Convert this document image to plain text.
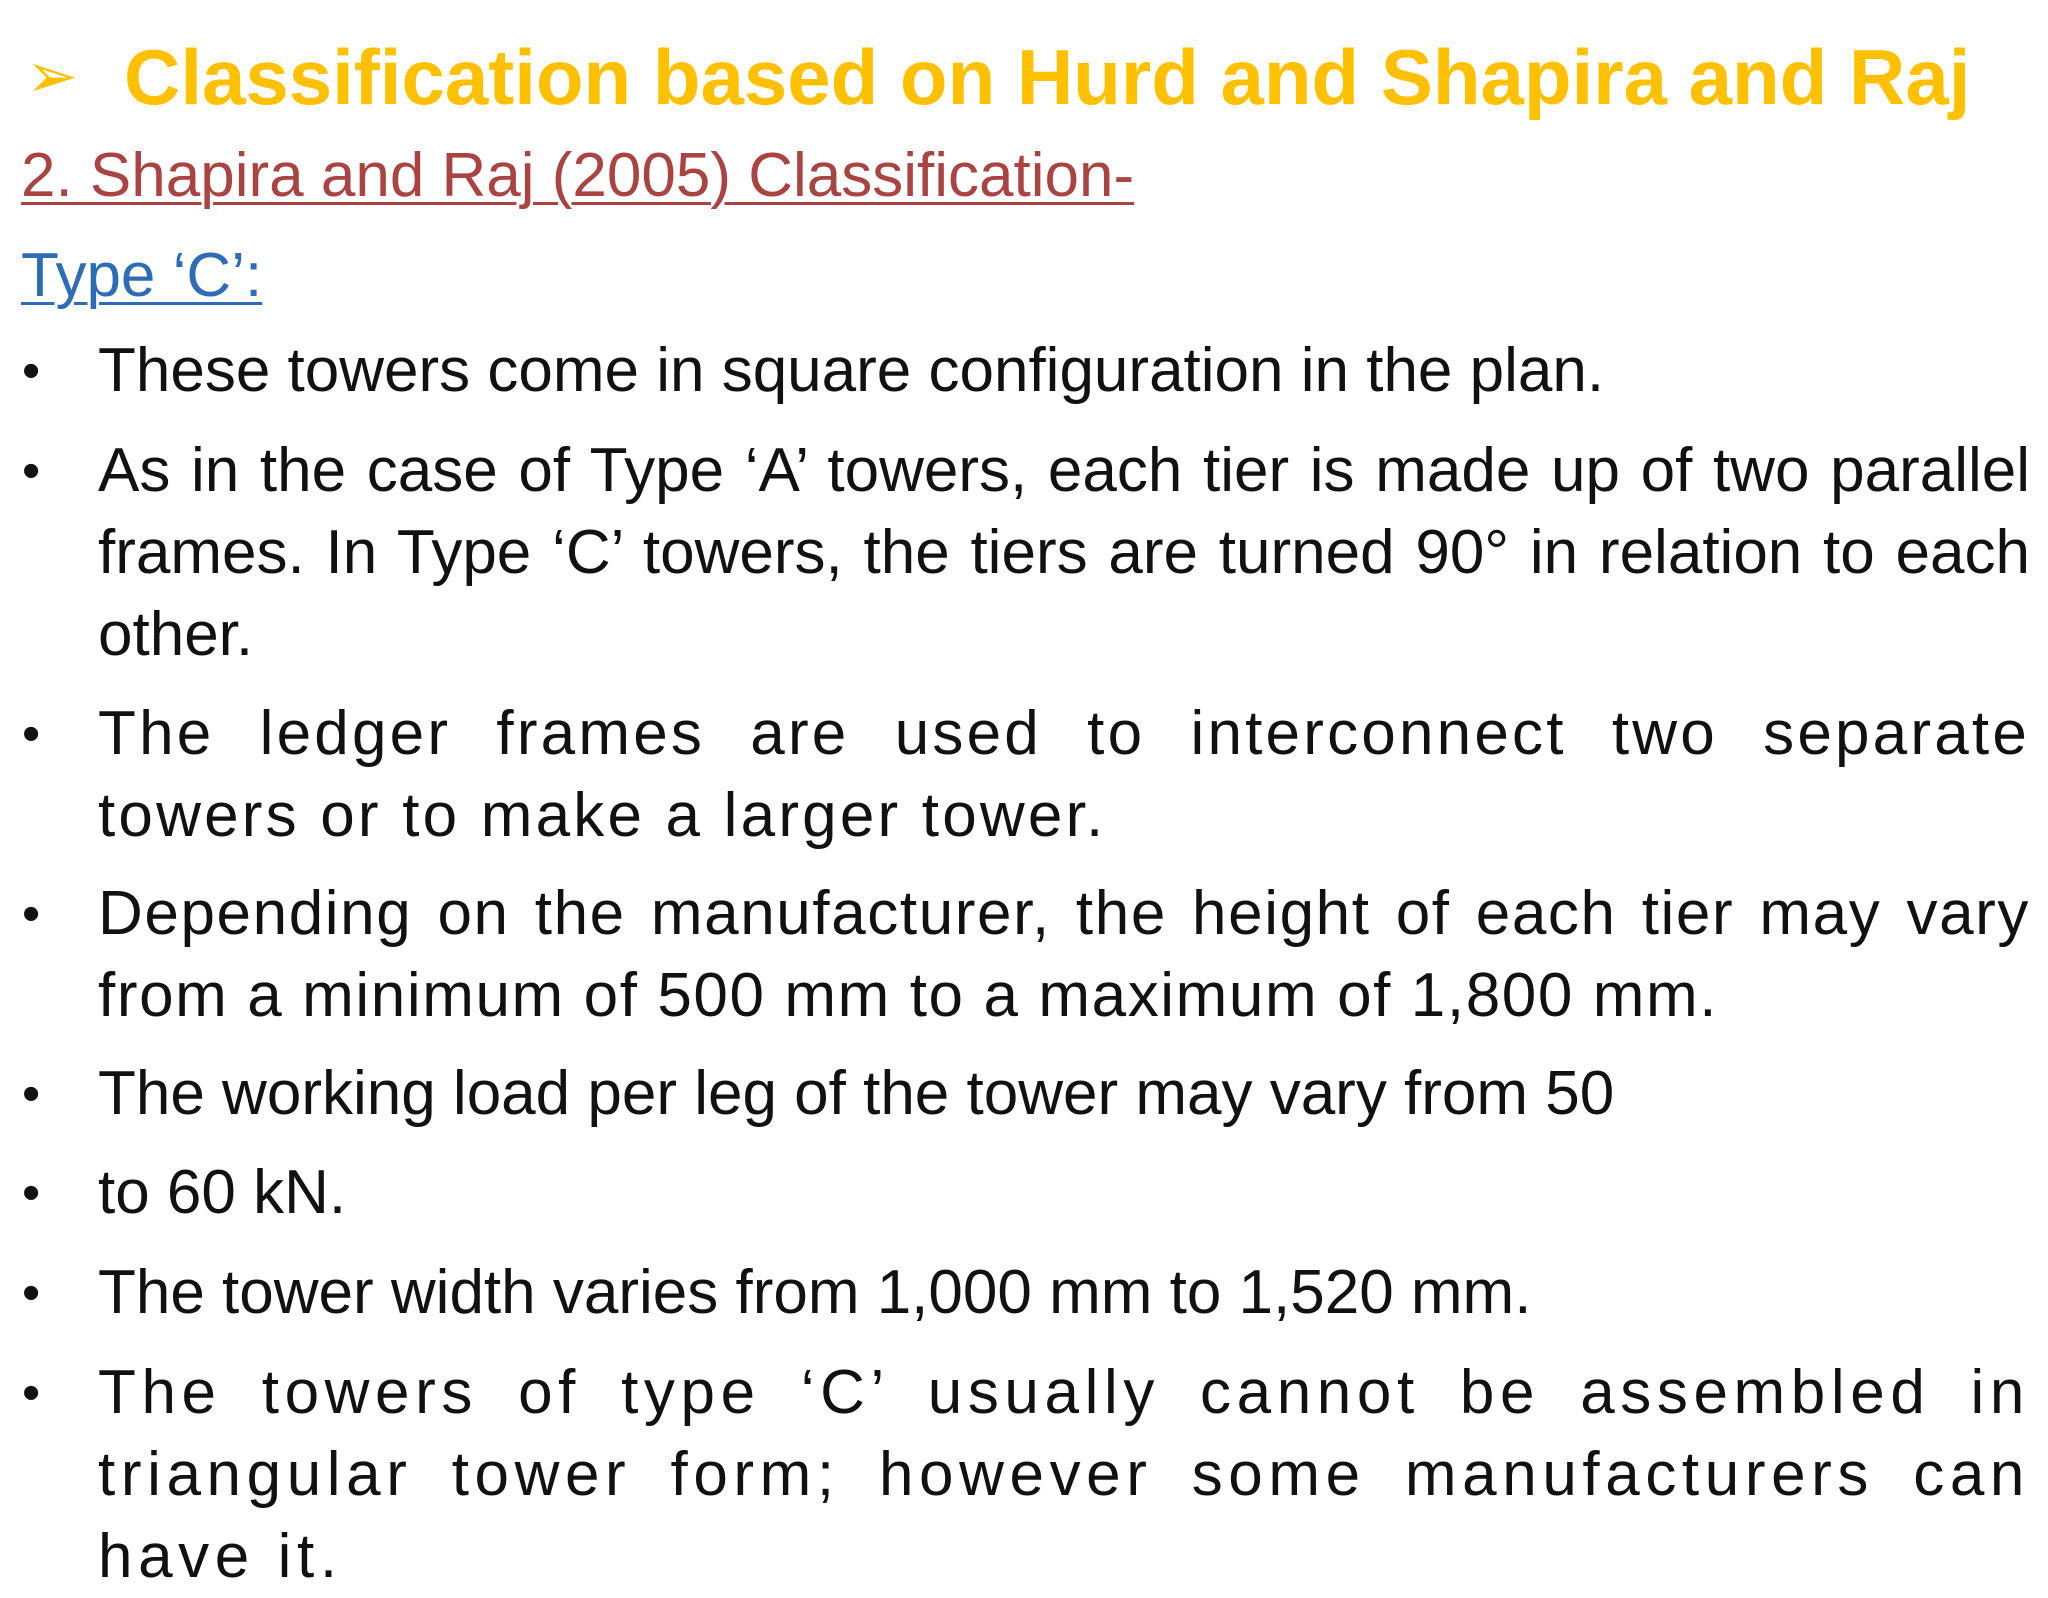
➢ Classification based on Hurd and Shapira and Raj
2. Shapira and Raj (2005) Classification-
Type ‘C’:
• These towers come in square configuration in the plan.
• As in the case of Type ‘A’ towers, each tier is made up of two parallel frames. In Type ‘C’ towers, the tiers are turned 90° in relation to each other.
• The ledger frames are used to interconnect two separate towers or to make a larger tower.
• Depending on the manufacturer, the height of each tier may vary from a minimum of 500 mm to a maximum of 1,800 mm.
• The working load per leg of the tower may vary from 50
• to 60 kN.
• The tower width varies from 1,000 mm to 1,520 mm.
• The towers of type ‘C’ usually cannot be assembled in triangular tower form; however some manufacturers can have it.
